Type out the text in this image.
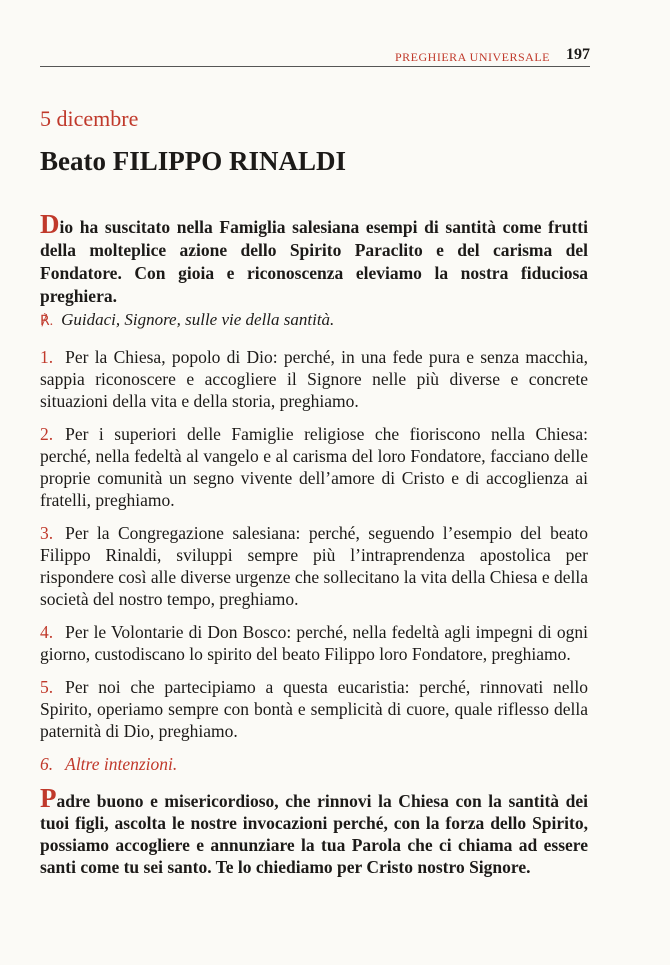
PREGHIERA UNIVERSALE 197
5 dicembre
Beato FILIPPO RINALDI

Dio ha suscitato nella Famiglia salesiana esempi di santità come frutti della molteplice azione dello Spirito Paraclito e del carisma del Fondatore. Con gioia e riconoscenza eleviamo la nostra fiduciosa preghiera.

℟. Guidaci, Signore, sulle vie della santità.

1. Per la Chiesa, popolo di Dio: perché, in una fede pura e senza macchia, sappia riconoscere e accogliere il Signore nelle più diverse e concrete situazioni della vita e della storia, preghiamo.

2. Per i superiori delle Famiglie religiose che fioriscono nella Chiesa: perché, nella fedeltà al vangelo e al carisma del loro Fondatore, facciano delle proprie comunità un segno vivente dell’amore di Cristo e di accoglienza ai fratelli, preghiamo.

3. Per la Congregazione salesiana: perché, seguendo l’esempio del beato Filippo Rinaldi, sviluppi sempre più l’intraprendenza apostolica per rispondere così alle diverse urgenze che sollecitano la vita della Chiesa e della società del nostro tempo, preghiamo.

4. Per le Volontarie di Don Bosco: perché, nella fedeltà agli impegni di ogni giorno, custodiscano lo spirito del beato Filippo loro Fondatore, preghiamo.

5. Per noi che partecipiamo a questa eucaristia: perché, rinnovati nello Spirito, operiamo sempre con bontà e semplicità di cuore, quale riflesso della paternità di Dio, preghiamo.

6. Altre intenzioni.

Padre buono e misericordioso, che rinnovi la Chiesa con la santità dei tuoi figli, ascolta le nostre invocazioni perché, con la forza dello Spirito, possiamo accogliere e annunziare la tua Parola che ci chiama ad essere santi come tu sei santo. Te lo chiediamo per Cristo nostro Signore.
